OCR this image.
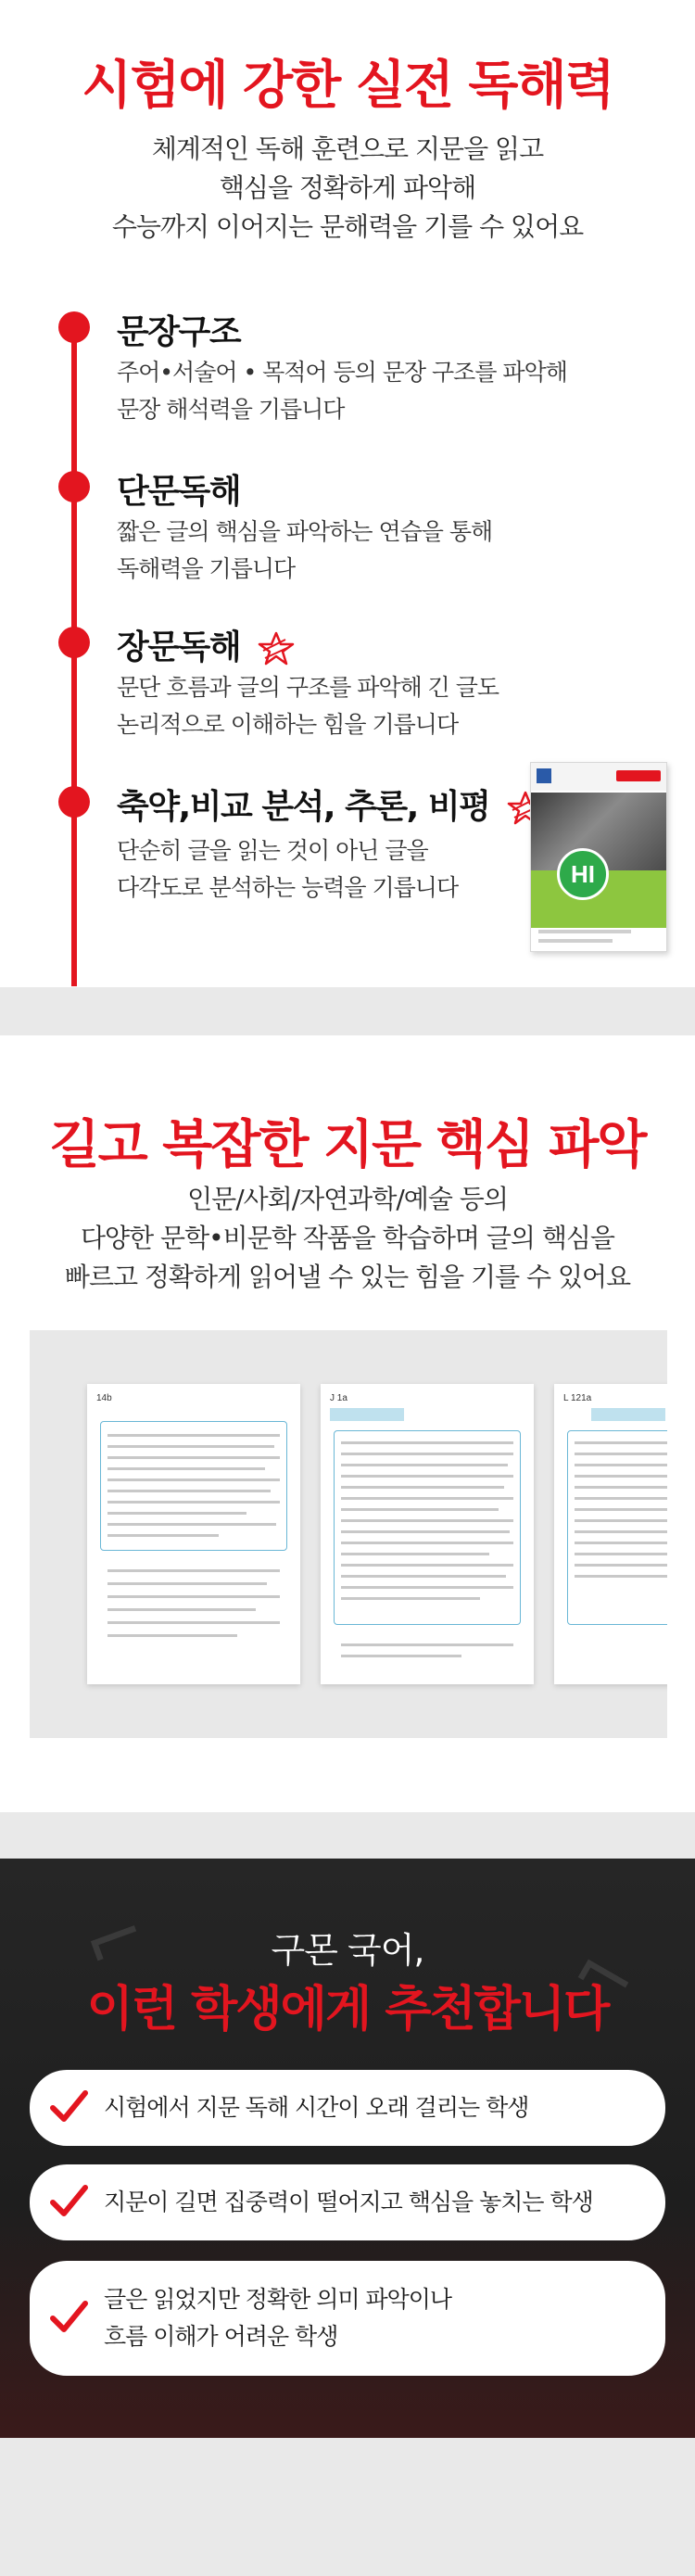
시험에 강한 실전 독해력
체계적인 독해 훈련으로 지문을 읽고
핵심을 정확하게 파악해
수능까지 이어지는 문해력을 기를 수 있어요
문장구조
주어•서술어 • 목적어 등의 문장 구조를 파악해
문장 해석력을 기릅니다
단문독해
짧은 글의 핵심을 파악하는 연습을 통해
독해력을 기릅니다
장문독해
문단 흐름과 글의 구조를 파악해 긴 글도
논리적으로 이해하는 힘을 기릅니다
축약,비교 분석, 추론, 비평
단순히 글을 읽는 것이 아닌 글을
다각도로 분석하는 능력을 기릅니다	HI
길고 복잡한 지문 핵심 파악
인문/사회/자연과학/예술 등의
다양한 문학•비문학 작품을 학습하며 글의 핵심을
빠르고 정확하게 읽어낼 수 있는 힘을 기를 수 있어요
14b	J 1a	L 121a
⌐	⌐
구몬 국어,
이런 학생에게 추천합니다
시험에서 지문 독해 시간이 오래 걸리는 학생
지문이 길면 집중력이 떨어지고 핵심을 놓치는 학생
글은 읽었지만 정확한 의미 파악이나
흐름 이해가 어려운 학생
